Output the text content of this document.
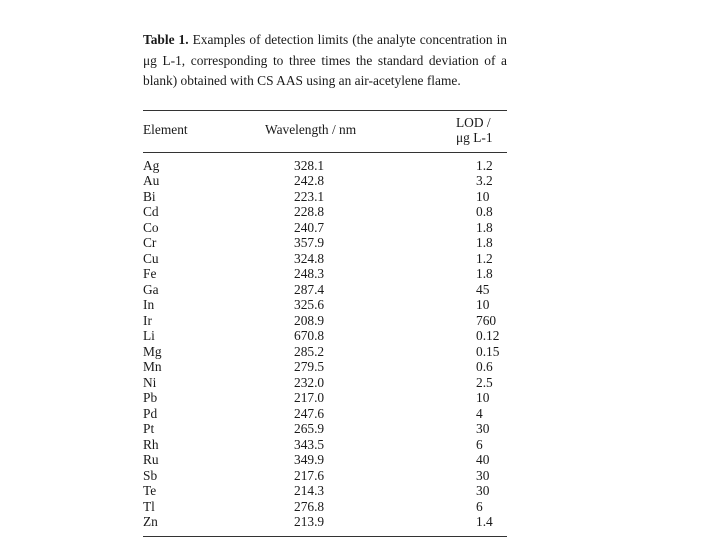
Table 1. Examples of detection limits (the analyte concentration in μg L-1, corresponding to three times the standard deviation of a blank) obtained with CS AAS using an air-acetylene flame.

Element	Wavelength / nm	LOD / μg L-1

Ag	328.1	1.2
Au	242.8	3.2
Bi	223.1	10
Cd	228.8	0.8
Co	240.7	1.8
Cr	357.9	1.8
Cu	324.8	1.2
Fe	248.3	1.8
Ga	287.4	45
In	325.6	10
Ir	208.9	760
Li	670.8	0.12
Mg	285.2	0.15
Mn	279.5	0.6
Ni	232.0	2.5
Pb	217.0	10
Pd	247.6	4
Pt	265.9	30
Rh	343.5	6
Ru	349.9	40
Sb	217.6	30
Te	214.3	30
Tl	276.8	6
Zn	213.9	1.4
